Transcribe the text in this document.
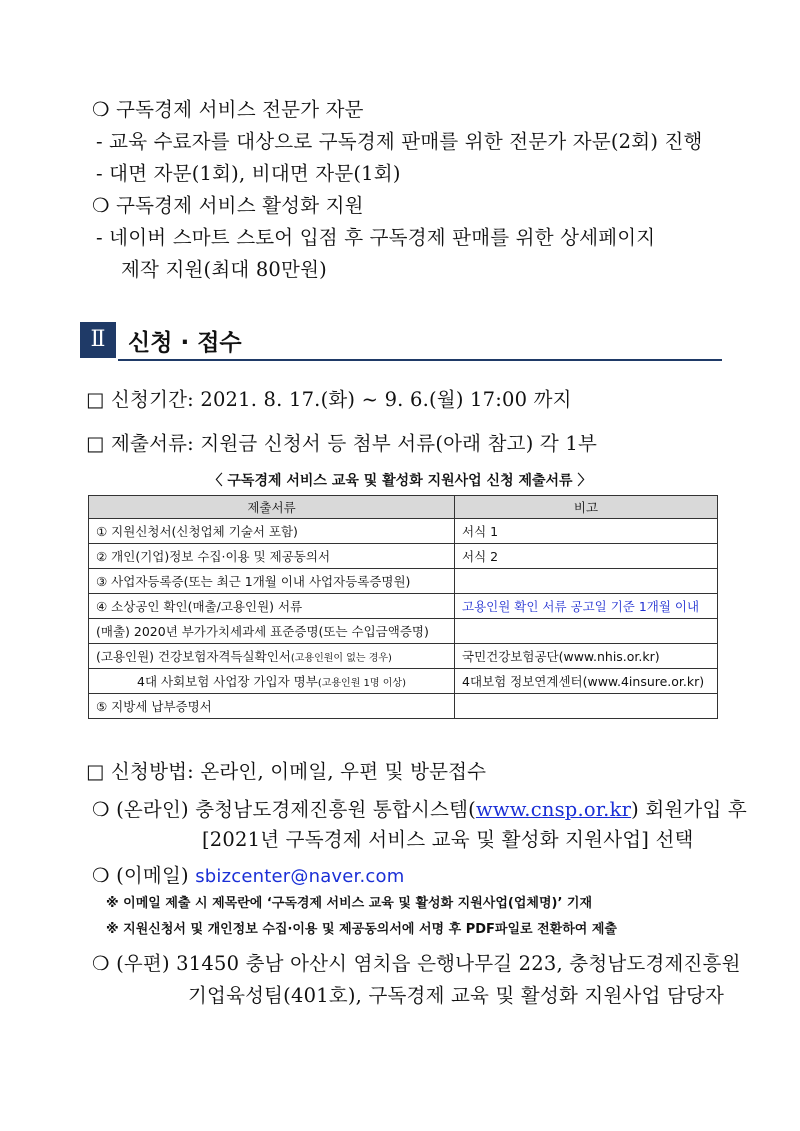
❍ 구독경제 서비스 전문가 자문
- 교육 수료자를 대상으로 구독경제 판매를 위한 전문가 자문(2회) 진행
- 대면 자문(1회), 비대면 자문(1회)
❍ 구독경제 서비스 활성화 지원
- 네이버 스마트 스토어 입점 후 구독경제 판매를 위한 상세페이지
제작 지원(최대 80만원)
Ⅱ 신청 · 접수
□ 신청기간: 2021. 8. 17.(화) ~ 9. 6.(월) 17:00 까지
□ 제출서류: 지원금 신청서 등 첨부 서류(아래 참고) 각 1부
〈 구독경제 서비스 교육 및 활성화 지원사업 신청 제출서류 〉
제출서류	비고
① 지원신청서(신청업체 기술서 포함)	서식 1
② 개인(기업)정보 수집·이용 및 제공동의서	서식 2
③ 사업자등록증(또는 최근 1개월 이내 사업자등록증명원)	
④ 소상공인 확인(매출/고용인원) 서류	고용인원 확인 서류 공고일 기준 1개월 이내
(매출) 2020년 부가가치세과세 표준증명(또는 수입금액증명)	
(고용인원) 건강보험자격득실확인서(고용인원이 없는 경우)	국민건강보험공단(www.nhis.or.kr)
4대 사회보험 사업장 가입자 명부(고용인원 1명 이상)	4대보험 정보연계센터(www.4insure.or.kr)
⑤ 지방세 납부증명서	
□ 신청방법: 온라인, 이메일, 우편 및 방문접수
❍ (온라인) 충청남도경제진흥원 통합시스템(www.cnsp.or.kr) 회원가입 후
[2021년 구독경제 서비스 교육 및 활성화 지원사업] 선택
❍ (이메일) sbizcenter@naver.com
※ 이메일 제출 시 제목란에 ‘구독경제 서비스 교육 및 활성화 지원사업(업체명)’ 기재
※ 지원신청서 및 개인정보 수집·이용 및 제공동의서에 서명 후 PDF파일로 전환하여 제출
❍ (우편) 31450 충남 아산시 염치읍 은행나무길 223, 충청남도경제진흥원
기업육성팀(401호), 구독경제 교육 및 활성화 지원사업 담당자
